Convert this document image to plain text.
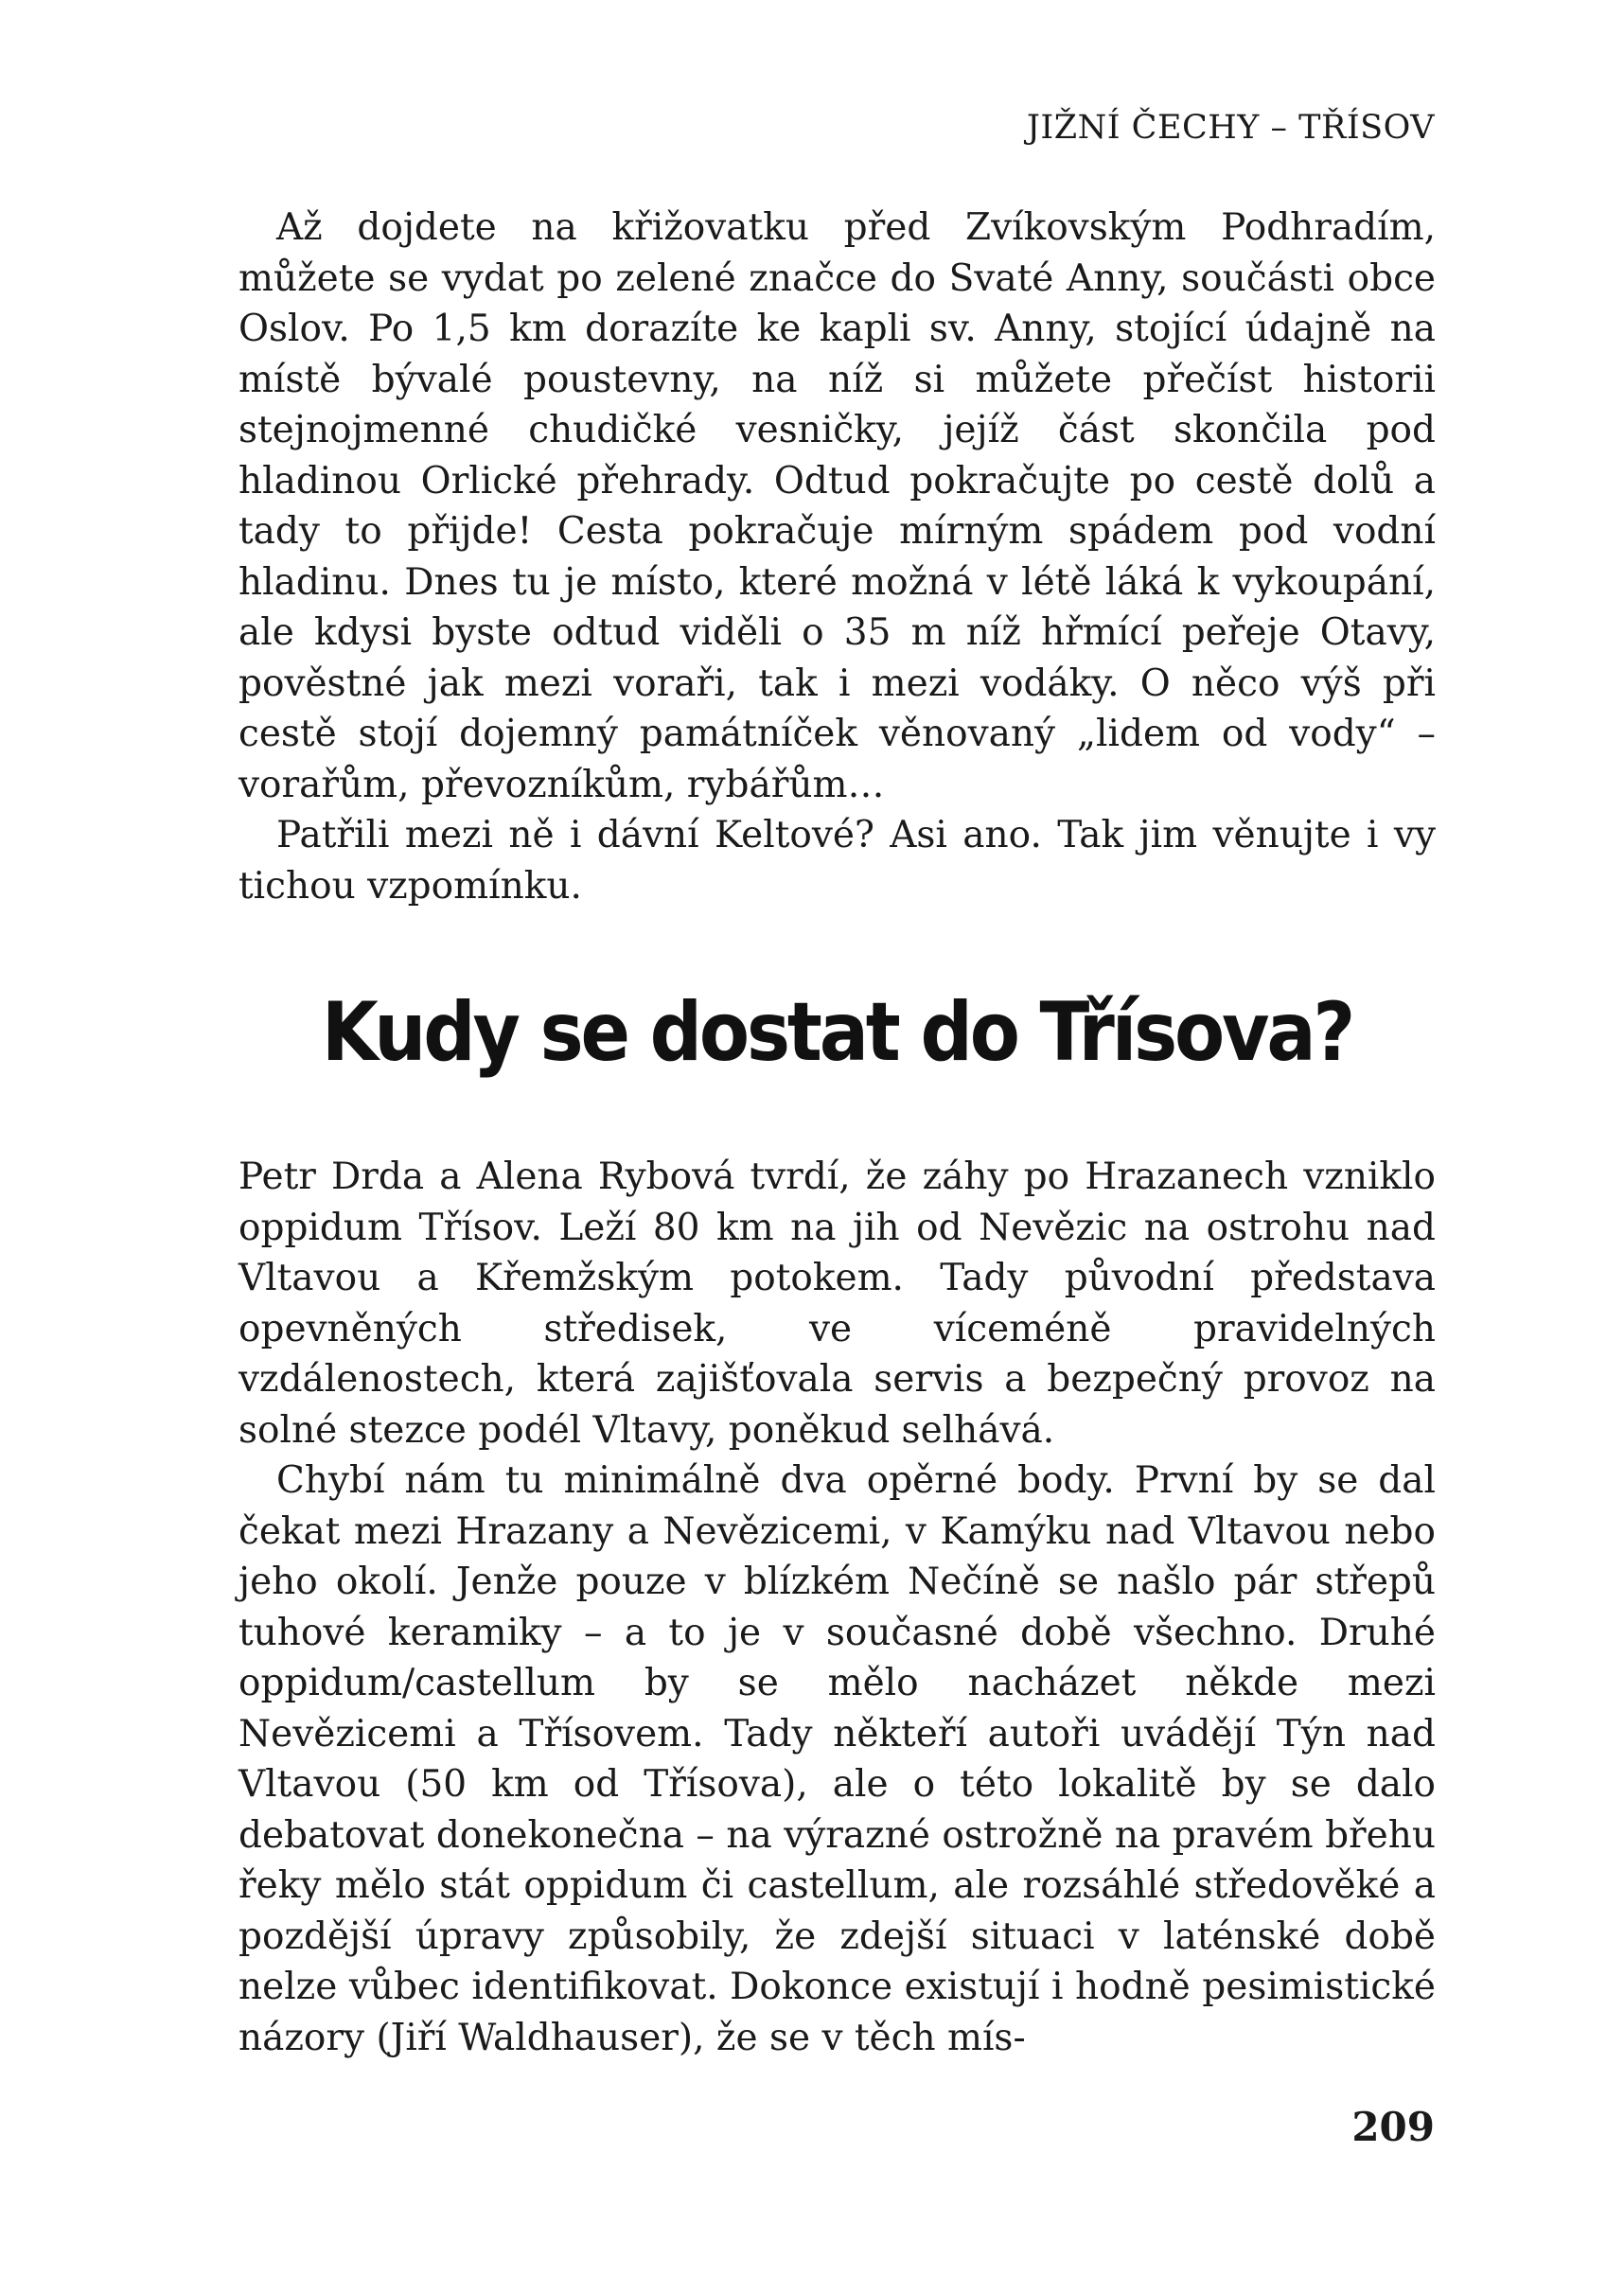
JIŽNÍ ČECHY – TŘÍSOV

Až dojdete na křižovatku před Zvíkovským Podhradím, můžete se vydat po zelené značce do Svaté Anny, součásti obce Oslov. Po 1,5 km dorazíte ke kapli sv. Anny, stojící údajně na místě bývalé poustevny, na níž si můžete přečíst historii stejnojmenné chudičké vesničky, jejíž část skončila pod hladinou Orlické přehrady. Odtud pokračujte po cestě dolů a tady to přijde! Cesta pokračuje mírným spádem pod vodní hladinu. Dnes tu je místo, které možná v létě láká k vykoupání, ale kdysi byste odtud viděli o 35 m níž hřmící peřeje Otavy, pověstné jak mezi voraři, tak i mezi vodáky. O něco výš při cestě stojí dojemný památníček věnovaný „lidem od vody“ – vorařům, převozníkům, rybářům…

Patřili mezi ně i dávní Keltové? Asi ano. Tak jim věnujte i vy tichou vzpomínku.

Kudy se dostat do Třísova?

Petr Drda a Alena Rybová tvrdí, že záhy po Hrazanech vzniklo oppidum Třísov. Leží 80 km na jih od Nevězic na ostrohu nad Vltavou a Křemžským potokem. Tady původní představa opevněných středisek, ve víceméně pravidelných vzdálenostech, která zajišťovala servis a bezpečný provoz na solné stezce podél Vltavy, poněkud selhává.

Chybí nám tu minimálně dva opěrné body. První by se dal čekat mezi Hrazany a Nevězicemi, v Kamýku nad Vltavou nebo jeho okolí. Jenže pouze v blízkém Nečíně se našlo pár střepů tuhové keramiky – a to je v současné době všechno. Druhé oppidum/castellum by se mělo nacházet někde mezi Nevězicemi a Třísovem. Tady někteří autoři uvádějí Týn nad Vltavou (50 km od Třísova), ale o této lokalitě by se dalo debatovat donekonečna – na výrazné ostrožně na pravém břehu řeky mělo stát oppidum či castellum, ale rozsáhlé středověké a pozdější úpravy způsobily, že zdejší situaci v laténské době nelze vůbec identifikovat. Dokonce existují i hodně pesimistické názory (Jiří Waldhauser), že se v těch mís-

209
